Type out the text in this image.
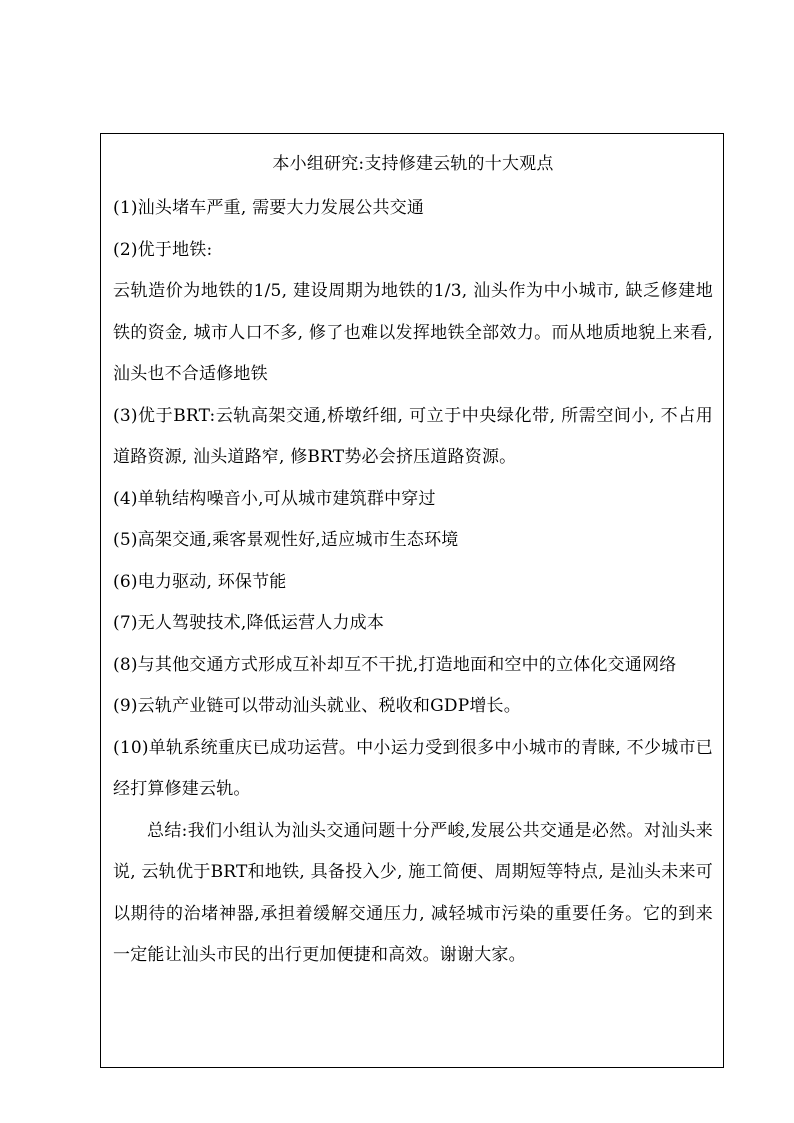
本小组研究:支持修建云轨的十大观点

(1)汕头堵车严重, 需要大力发展公共交通

(2)优于地铁:

云轨造价为地铁的1/5, 建设周期为地铁的1/3, 汕头作为中小城市, 缺乏修建地铁的资金, 城市人口不多, 修了也难以发挥地铁全部效力。而从地质地貌上来看, 汕头也不合适修地铁

(3)优于BRT:云轨高架交通,桥墩纤细, 可立于中央绿化带, 所需空间小, 不占用道路资源, 汕头道路窄, 修BRT势必会挤压道路资源。

(4)单轨结构噪音小,可从城市建筑群中穿过

(5)高架交通,乘客景观性好,适应城市生态环境

(6)电力驱动, 环保节能

(7)无人驾驶技术,降低运营人力成本

(8)与其他交通方式形成互补却互不干扰,打造地面和空中的立体化交通网络

(9)云轨产业链可以带动汕头就业、税收和GDP增长。

(10)单轨系统重庆已成功运营。中小运力受到很多中小城市的青睐, 不少城市已经打算修建云轨。

总结:我们小组认为汕头交通问题十分严峻,发展公共交通是必然。对汕头来说, 云轨优于BRT和地铁, 具备投入少, 施工简便、周期短等特点, 是汕头未来可以期待的治堵神器,承担着缓解交通压力, 减轻城市污染的重要任务。它的到来一定能让汕头市民的出行更加便捷和高效。谢谢大家。
